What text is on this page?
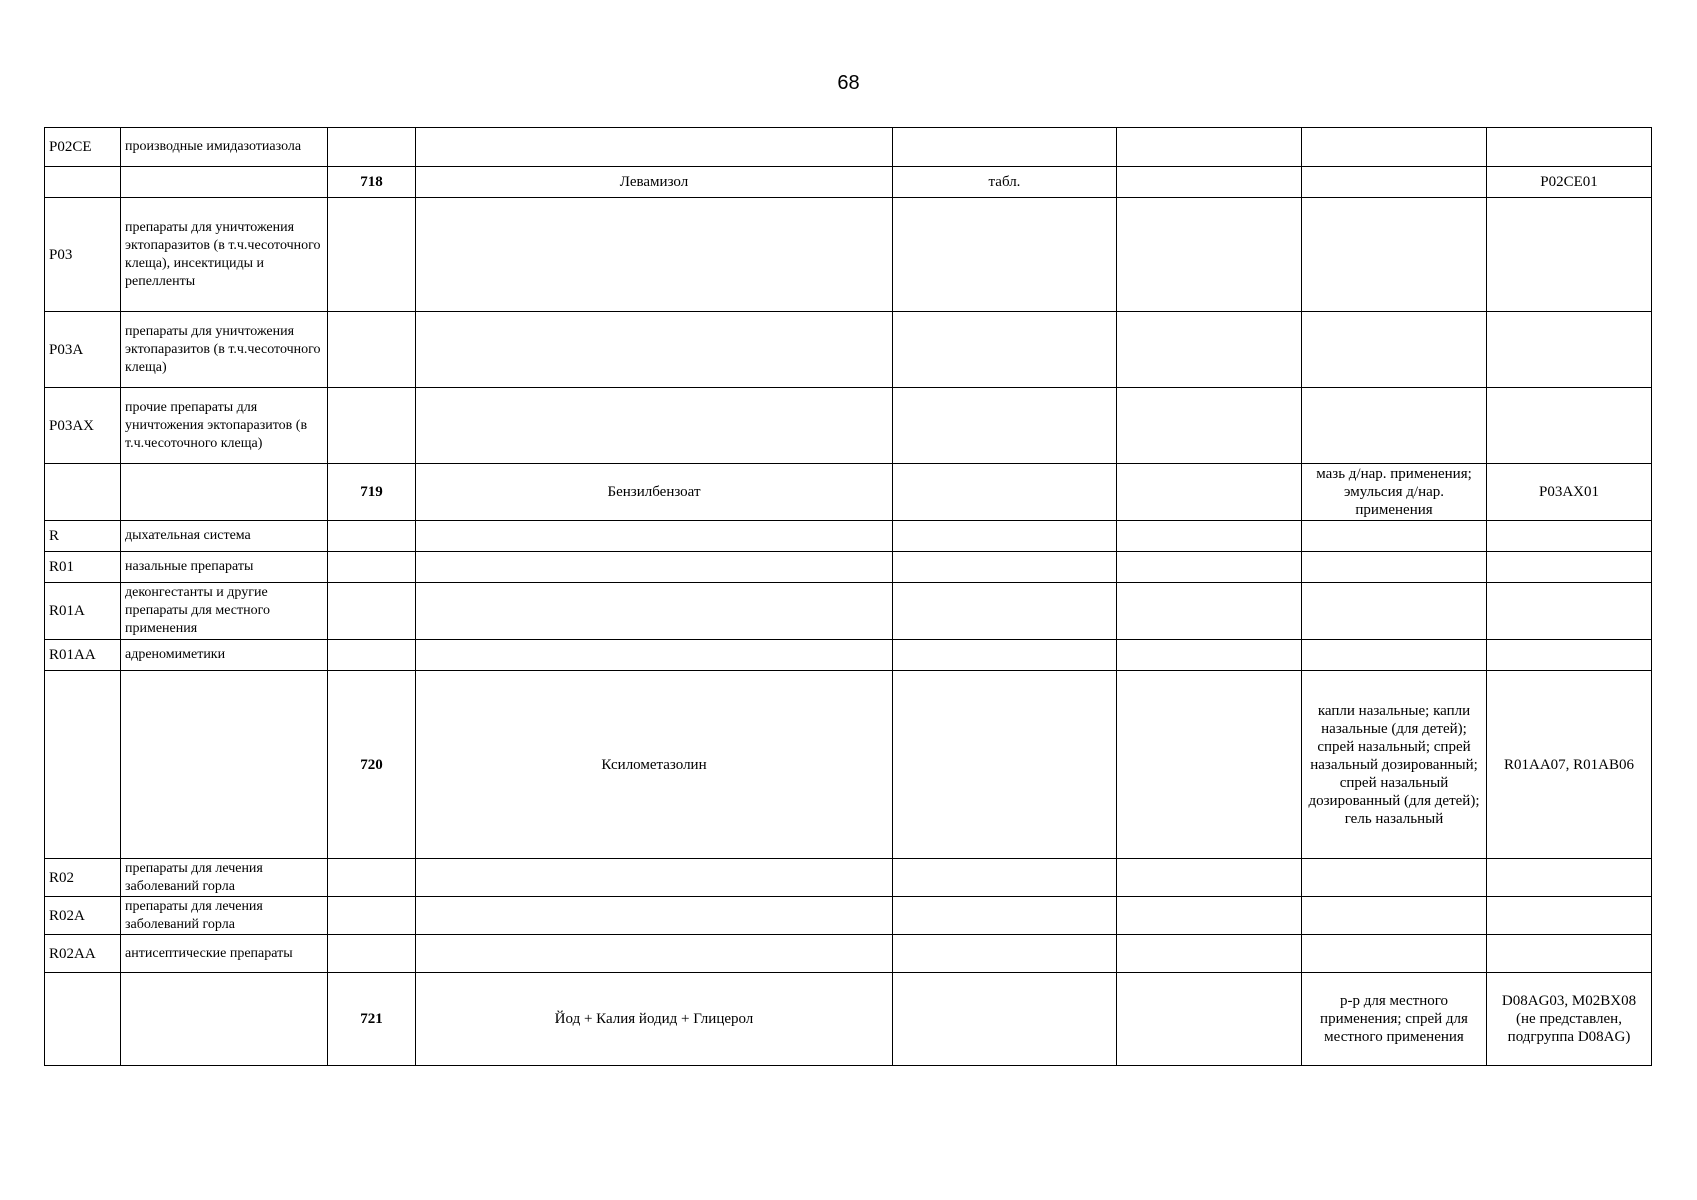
68
P02CE	производные имидазотиазола						
		718	Левамизол	табл.			P02CE01
P03	препараты для уничтожения эктопаразитов (в т.ч.чесоточного клеща), инсектициды и репелленты						
P03A	препараты для уничтожения эктопаразитов (в т.ч.чесоточного клеща)						
P03AX	прочие препараты для уничтожения эктопаразитов (в т.ч.чесоточного клеща)						
		719	Бензилбензоат			мазь д/нар. применения; эмульсия д/нар. применения	P03AX01
R	дыхательная система						
R01	назальные препараты						
R01A	деконгестанты и другие препараты для местного применения						
R01AA	адреномиметики						
		720	Ксилометазолин			капли назальные; капли назальные (для детей); спрей назальный; спрей назальный дозированный; спрей назальный дозированный (для детей); гель назальный	R01AA07, R01AB06
R02	препараты для лечения заболеваний горла						
R02A	препараты для лечения заболеваний горла						
R02AA	антисептические препараты						
		721	Йод + Калия йодид + Глицерол			р-р для местного применения; спрей для местного применения	D08AG03, M02BX08 (не представлен, подгруппа D08AG)
